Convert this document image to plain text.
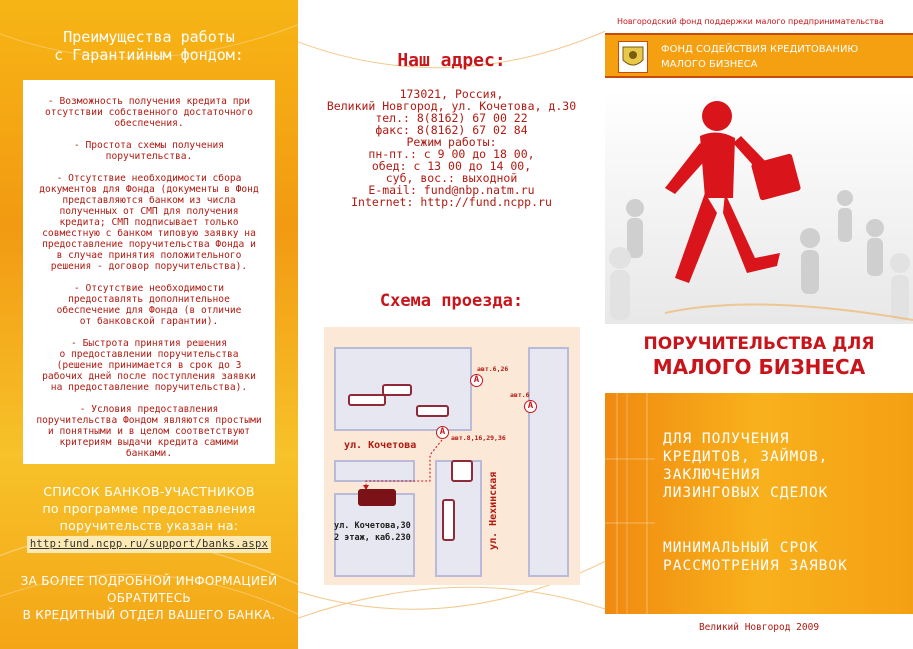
Преимущества работы
с Гарантийным фондом:

- Возможность получения кредита при
отсутствии собственного достаточного
обеспечения.

- Простота схемы получения
поручительства.

- Отсутствие необходимости сбора
документов для Фонда (документы в Фонд
представляются банком из числа
полученных от СМП для получения
кредита; СМП подписывает только
совместную с банком типовую заявку на
предоставление поручительства Фонда и
в случае принятия положительного
решения - договор поручительства).

- Отсутствие необходимости
предоставлять дополнительное
обеспечение для Фонда (в отличие
от банковской гарантии).

- Быстрота принятия решения
о предоставлении поручительства
(решение принимается в срок до 3
рабочих дней после поступления заявки
на предоставление поручительства).

- Условия предоставления
поручительства Фондом являются простыми
и понятными и в целом соответствуют
критериям выдачи кредита самими
банками.

СПИСОК БАНКОВ-УЧАСТНИКОВ
по программе предоставления
поручительств указан на:
http:fund.ncpp.ru/support/banks.aspx
ЗА БОЛЕЕ ПОДРОБНОЙ ИНФОРМАЦИЕЙ
ОБРАТИТЕСЬ
В КРЕДИТНЫЙ ОТДЕЛ ВАШЕГО БАНКА.
Наш адрес:
173021, Россия,
Великий Новгород, ул. Кочетова, д.30
тел.: 8(8162) 67 00 22
факс: 8(8162) 67 02 84
Режим работы:
пн-пт.: с 9 00 до 18 00,
обед: с 13 00 до 14 00,
суб, вос.: выходной
E-mail: fund@nbp.natm.ru
Internet: http://fund.ncpp.ru
Схема проезда:
ул. Кочетова
ул. Нехинская
А
авт.6,26
А
авт.6
А
авт.8,16,29,36
ул. Кочетова,30
2 этаж, каб.230
Новгородский фонд поддержки малого предпринимательства
ФОНД СОДЕЙСТВИЯ КРЕДИТОВАНИЮ
МАЛОГО БИЗНЕСА
ПОРУЧИТЕЛЬСТВА ДЛЯ
МАЛОГО БИЗНЕСА
ДЛЯ ПОЛУЧЕНИЯ
КРЕДИТОВ, ЗАЙМОВ,
ЗАКЛЮЧЕНИЯ
ЛИЗИНГОВЫХ СДЕЛОК
МИНИМАЛЬНЫЙ СРОК
РАССМОТРЕНИЯ ЗАЯВОК
Великий Новгород 2009
